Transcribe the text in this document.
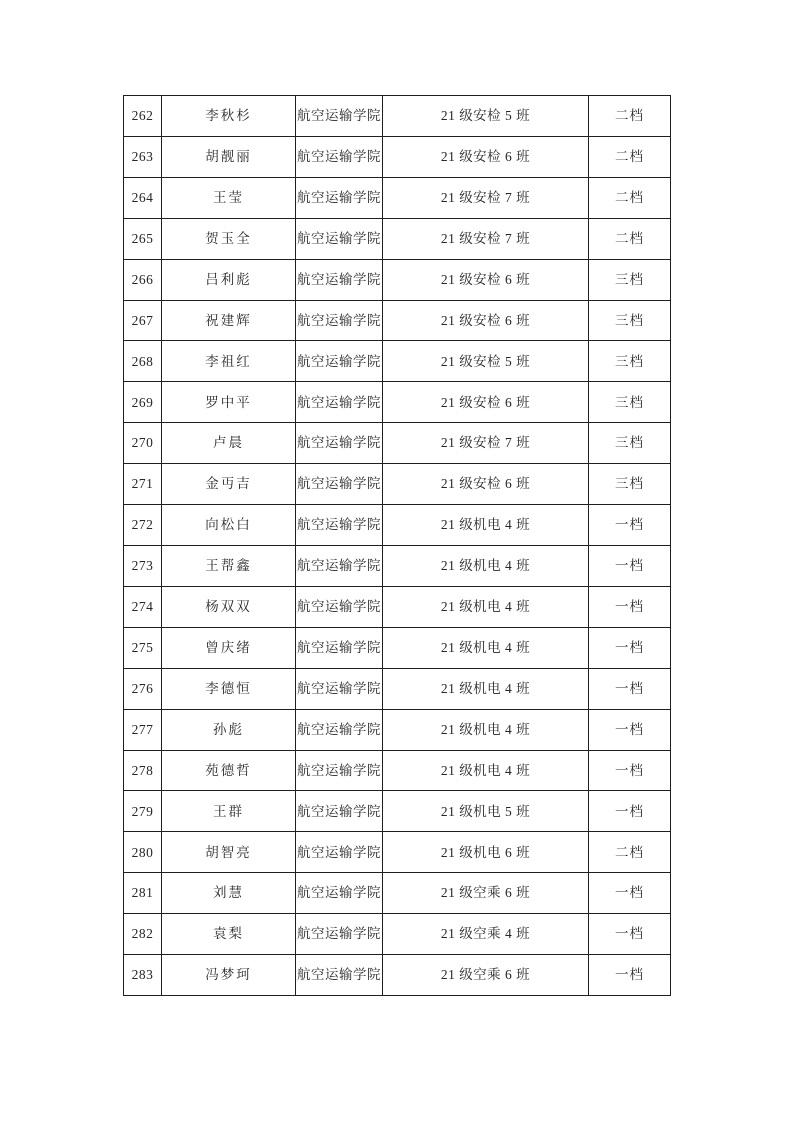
262	李秋杉	航空运输学院	21 级安检 5 班	二档
263	胡靓丽	航空运输学院	21 级安检 6 班	二档
264	王莹	航空运输学院	21 级安检 7 班	二档
265	贺玉全	航空运输学院	21 级安检 7 班	二档
266	吕利彪	航空运输学院	21 级安检 6 班	三档
267	祝建辉	航空运输学院	21 级安检 6 班	三档
268	李祖红	航空运输学院	21 级安检 5 班	三档
269	罗中平	航空运输学院	21 级安检 6 班	三档
270	卢晨	航空运输学院	21 级安检 7 班	三档
271	金丏吉	航空运输学院	21 级安检 6 班	三档
272	向松白	航空运输学院	21 级机电 4 班	一档
273	王帮鑫	航空运输学院	21 级机电 4 班	一档
274	杨双双	航空运输学院	21 级机电 4 班	一档
275	曾庆绪	航空运输学院	21 级机电 4 班	一档
276	李德恒	航空运输学院	21 级机电 4 班	一档
277	孙彪	航空运输学院	21 级机电 4 班	一档
278	苑德哲	航空运输学院	21 级机电 4 班	一档
279	王群	航空运输学院	21 级机电 5 班	一档
280	胡智亮	航空运输学院	21 级机电 6 班	二档
281	刘慧	航空运输学院	21 级空乘 6 班	一档
282	袁梨	航空运输学院	21 级空乘 4 班	一档
283	冯梦珂	航空运输学院	21 级空乘 6 班	一档
